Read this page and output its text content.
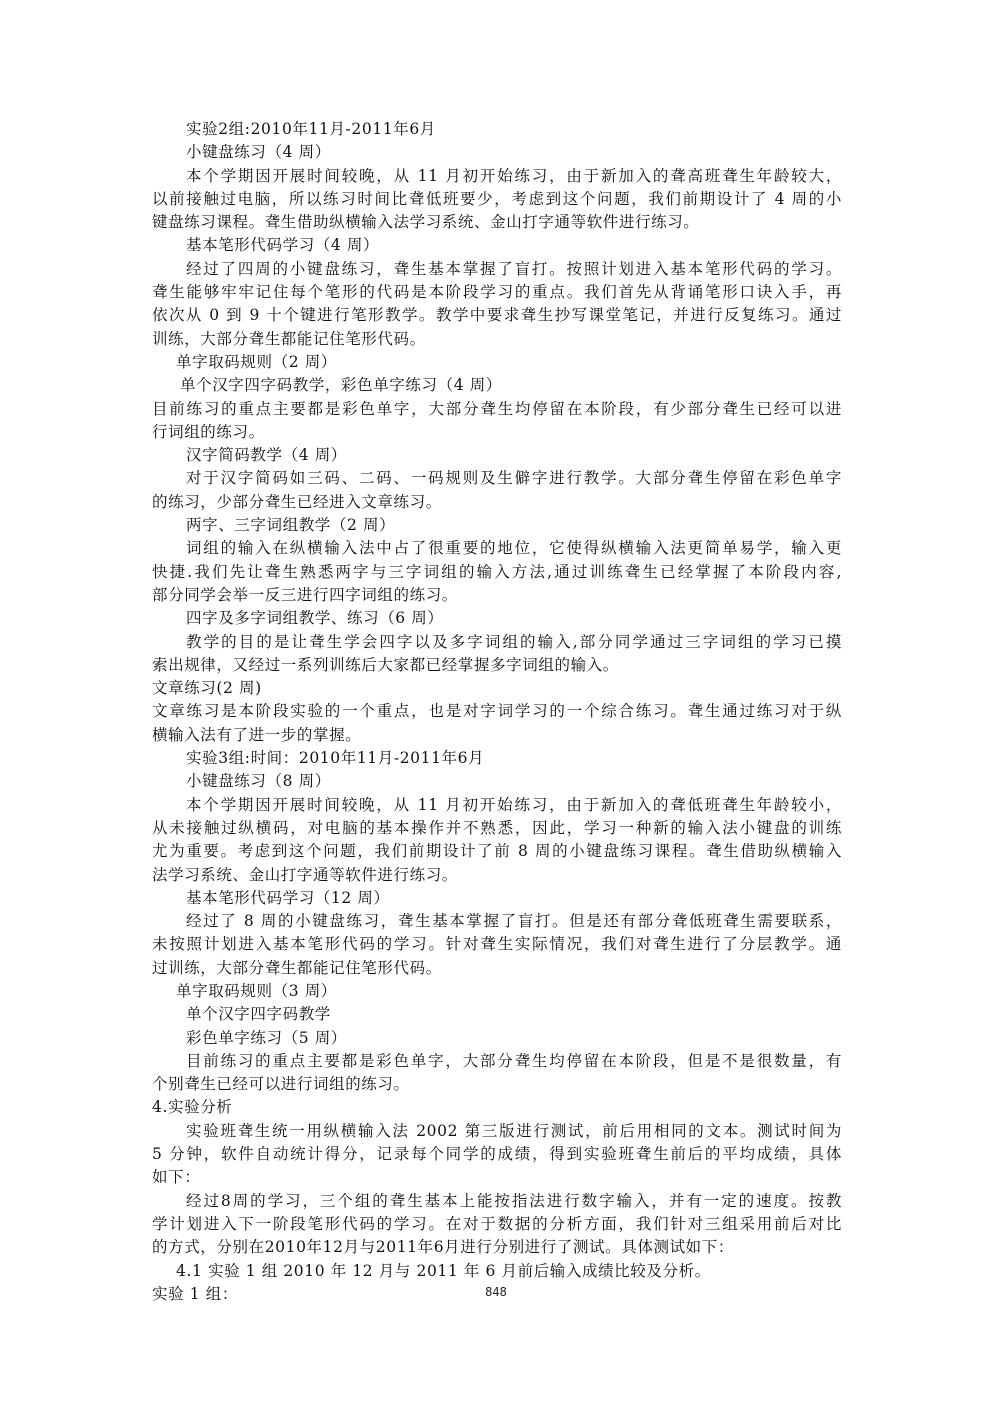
实验2组:2010年11月-2011年6月
小键盘练习（4 周）
本个学期因开展时间较晚，从 11 月初开始练习，由于新加入的聋高班聋生年龄较大，
以前接触过电脑，所以练习时间比聋低班要少，考虑到这个问题，我们前期设计了 4 周的小
键盘练习课程。聋生借助纵横输入法学习系统、金山打字通等软件进行练习。
基本笔形代码学习（4 周）
经过了四周的小键盘练习，聋生基本掌握了盲打。按照计划进入基本笔形代码的学习。
聋生能够牢牢记住每个笔形的代码是本阶段学习的重点。我们首先从背诵笔形口诀入手，再
依次从 0 到 9 十个键进行笔形教学。教学中要求聋生抄写课堂笔记，并进行反复练习。通过
训练，大部分聋生都能记住笔形代码。
单字取码规则（2 周）
单个汉字四字码教学，彩色单字练习（4 周）
目前练习的重点主要都是彩色单字，大部分聋生均停留在本阶段，有少部分聋生已经可以进
行词组的练习。
汉字简码教学（4 周）
对于汉字简码如三码、二码、一码规则及生僻字进行教学。大部分聋生停留在彩色单字
的练习，少部分聋生已经进入文章练习。
两字、三字词组教学（2 周）
词组的输入在纵横输入法中占了很重要的地位，它使得纵横输入法更简单易学，输入更
快捷.我们先让聋生熟悉两字与三字词组的输入方法,通过训练聋生已经掌握了本阶段内容,
部分同学会举一反三进行四字词组的练习。
四字及多字词组教学、练习（6 周）
教学的目的是让聋生学会四字以及多字词组的输入,部分同学通过三字词组的学习已摸
索出规律，又经过一系列训练后大家都已经掌握多字词组的输入。
文章练习(2 周)
文章练习是本阶段实验的一个重点，也是对字词学习的一个综合练习。聋生通过练习对于纵
横输入法有了进一步的掌握。
实验3组:时间：2010年11月-2011年6月
小键盘练习（8 周）
本个学期因开展时间较晚，从 11 月初开始练习，由于新加入的聋低班聋生年龄较小，
从未接触过纵横码，对电脑的基本操作并不熟悉，因此，学习一种新的输入法小键盘的训练
尤为重要。考虑到这个问题，我们前期设计了前 8 周的小键盘练习课程。聋生借助纵横输入
法学习系统、金山打字通等软件进行练习。
基本笔形代码学习（12 周）
经过了 8 周的小键盘练习，聋生基本掌握了盲打。但是还有部分聋低班聋生需要联系，
未按照计划进入基本笔形代码的学习。针对聋生实际情况，我们对聋生进行了分层教学。通
过训练，大部分聋生都能记住笔形代码。
单字取码规则（3 周）
单个汉字四字码教学
彩色单字练习（5 周）
目前练习的重点主要都是彩色单字，大部分聋生均停留在本阶段，但是不是很数量，有
个别聋生已经可以进行词组的练习。
4.实验分析
实验班聋生统一用纵横输入法 2002 第三版进行测试，前后用相同的文本。测试时间为
5 分钟，软件自动统计得分，记录每个同学的成绩，得到实验班聋生前后的平均成绩，具体
如下：
经过8周的学习，三个组的聋生基本上能按指法进行数字输入，并有一定的速度。按教
学计划进入下一阶段笔形代码的学习。在对于数据的分析方面，我们针对三组采用前后对比
的方式，分别在2010年12月与2011年6月进行分别进行了测试。具体测试如下：
4.1 实验 1 组 2010 年 12 月与 2011 年 6 月前后输入成绩比较及分析。
实验 1 组：	848
